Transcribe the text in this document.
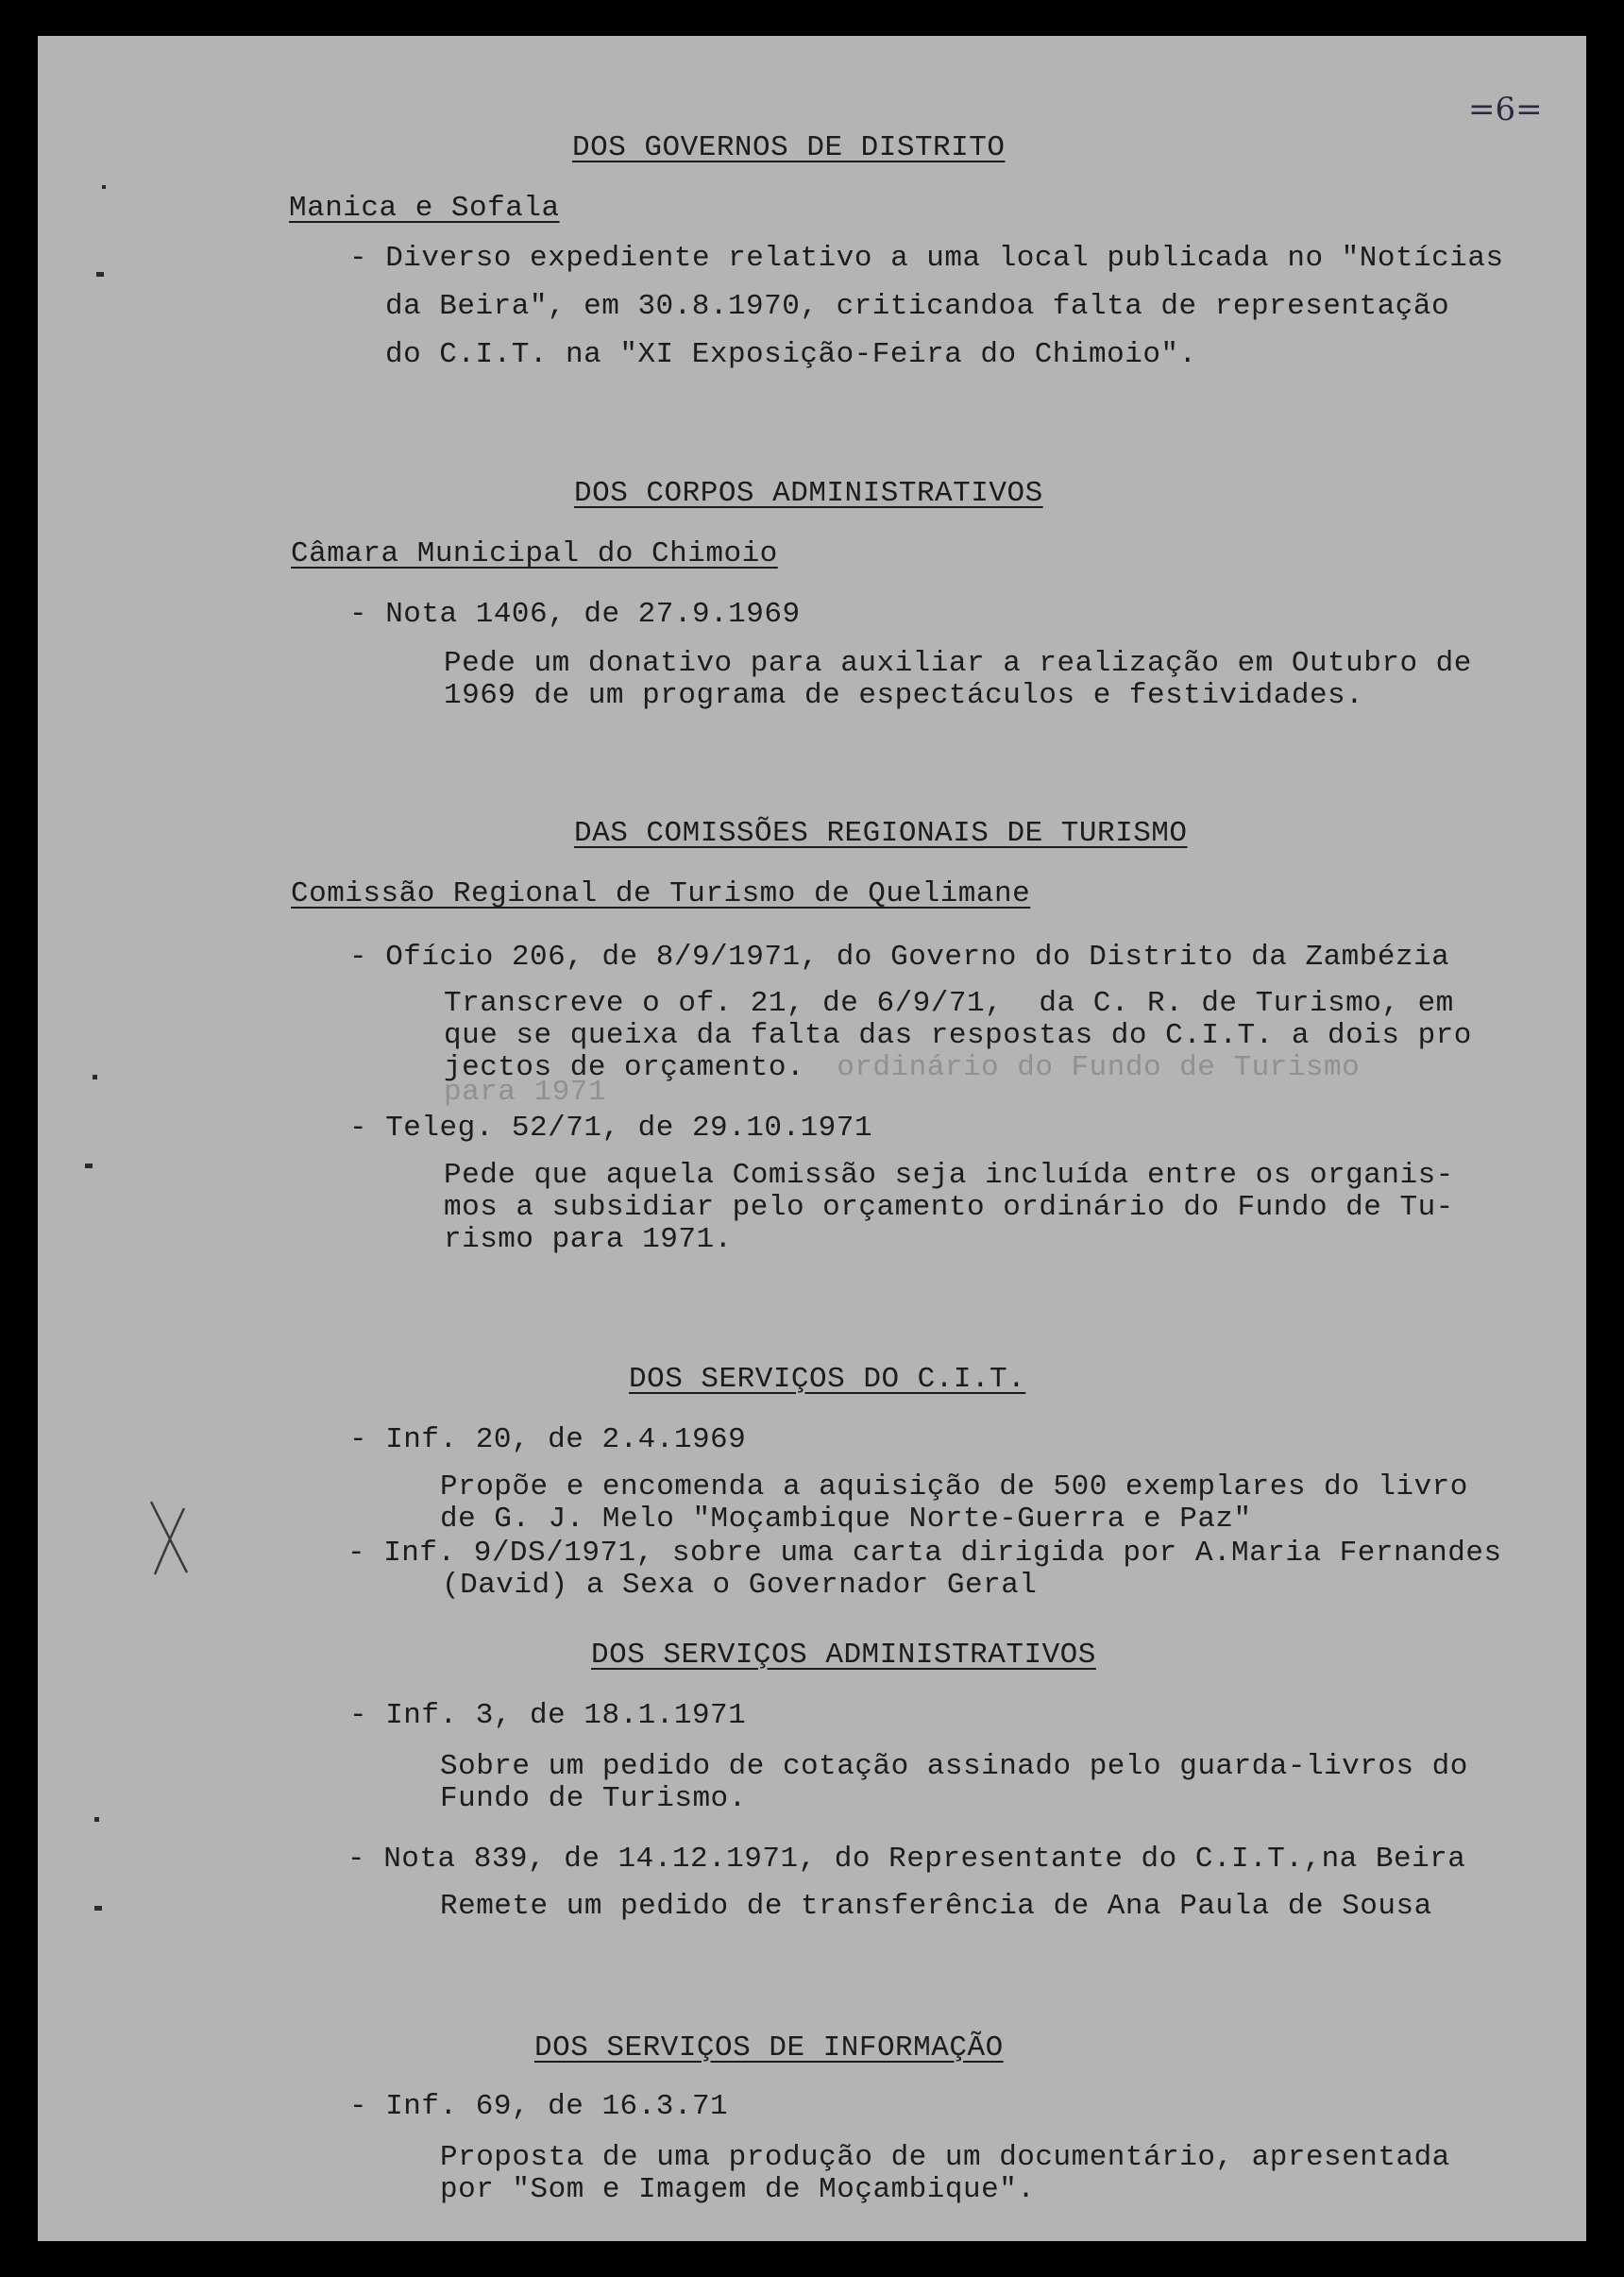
=6=
DOS GOVERNOS DE DISTRITO
Manica e Sofala
- Diverso expediente relativo a uma local publicada no "Notícias
da Beira", em 30.8.1970, criticandoa falta de representação
do C.I.T. na "XI Exposição-Feira do Chimoio".
DOS CORPOS ADMINISTRATIVOS
Câmara Municipal do Chimoio
- Nota 1406, de 27.9.1969
Pede um donativo para auxiliar a realização em Outubro de
1969 de um programa de espectáculos e festividades.
DAS COMISSÕES REGIONAIS DE TURISMO
Comissão Regional de Turismo de Quelimane
- Ofício 206, de 8/9/1971, do Governo do Distrito da Zambézia
Transcreve o of. 21, de 6/9/71,  da C. R. de Turismo, em
que se queixa da falta das respostas do C.I.T. a dois pro
jectos de orçamento.
ordinário do Fundo de Turismo
para 1971
- Teleg. 52/71, de 29.10.1971
Pede que aquela Comissão seja incluída entre os organis-
mos a subsidiar pelo orçamento ordinário do Fundo de Tu-
rismo para 1971.
DOS SERVIÇOS DO C.I.T.
- Inf. 20, de 2.4.1969
Propõe e encomenda a aquisição de 500 exemplares do livro
de G. J. Melo "Moçambique Norte-Guerra e Paz"
- Inf. 9/DS/1971, sobre uma carta dirigida por A.Maria Fernandes
(David) a Sexa o Governador Geral
DOS SERVIÇOS ADMINISTRATIVOS
- Inf. 3, de 18.1.1971
Sobre um pedido de cotação assinado pelo guarda-livros do
Fundo de Turismo.
- Nota 839, de 14.12.1971, do Representante do C.I.T.,na Beira
Remete um pedido de transferência de Ana Paula de Sousa
DOS SERVIÇOS DE INFORMAÇÃO
- Inf. 69, de 16.3.71
Proposta de uma produção de um documentário, apresentada
por "Som e Imagem de Moçambique".
